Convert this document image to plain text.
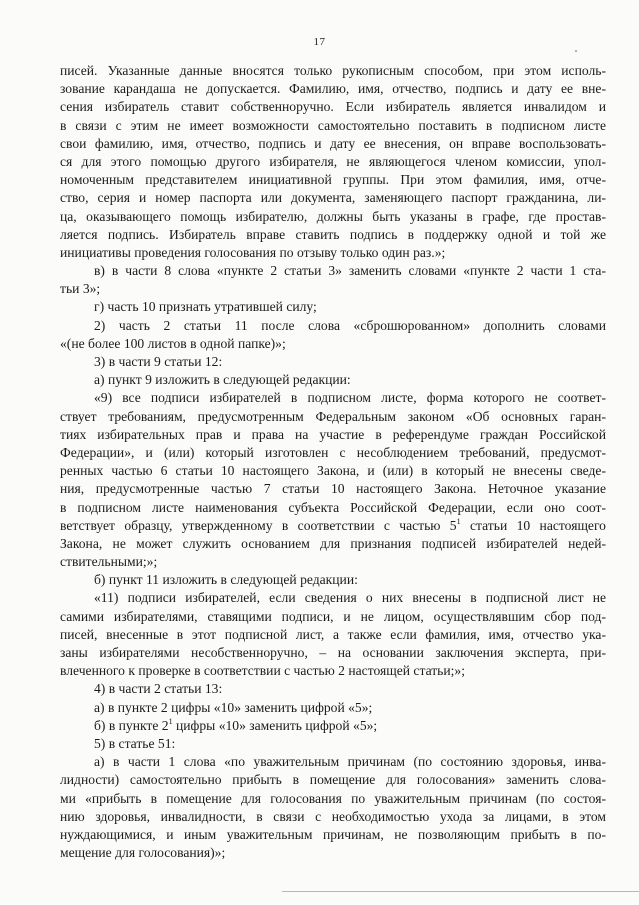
17
писей. Указанные данные вносятся только рукописным способом, при этом исполь-
зование карандаша не допускается. Фамилию, имя, отчество, подпись и дату ее вне-
сения избиратель ставит собственноручно. Если избиратель является инвалидом и
в связи с этим не имеет возможности самостоятельно поставить в подписном листе
свои фамилию, имя, отчество, подпись и дату ее внесения, он вправе воспользовать-
ся для этого помощью другого избирателя, не являющегося членом комиссии, упол-
номоченным представителем инициативной группы. При этом фамилия, имя, отче-
ство, серия и номер паспорта или документа, заменяющего паспорт гражданина, ли-
ца, оказывающего помощь избирателю, должны быть указаны в графе, где простав-
ляется подпись. Избиратель вправе ставить подпись в поддержку одной и той же
инициативы проведения голосования по отзыву только один раз.»;
в) в части 8 слова «пункте 2 статьи 3» заменить словами «пункте 2 части 1 ста-
тьи 3»;
г) часть 10 признать утратившей силу;
2) часть 2 статьи 11 после слова «сброшюрованном» дополнить словами
«(не более 100 листов в одной папке)»;
3) в части 9 статьи 12:
а) пункт 9 изложить в следующей редакции:
«9) все подписи избирателей в подписном листе, форма которого не соответ-
ствует требованиям, предусмотренным Федеральным законом «Об основных гаран-
тиях избирательных прав и права на участие в референдуме граждан Российской
Федерации», и (или) который изготовлен с несоблюдением требований, предусмот-
ренных частью 6 статьи 10 настоящего Закона, и (или) в который не внесены сведе-
ния, предусмотренные частью 7 статьи 10 настоящего Закона. Неточное указание
в подписном листе наименования субъекта Российской Федерации, если оно соот-
ветствует образцу, утвержденному в соответствии с частью $5^1$ статьи 10 настоящего
Закона, не может служить основанием для признания подписей избирателей недей-
ствительными;»;
б) пункт 11 изложить в следующей редакции:
«11) подписи избирателей, если сведения о них внесены в подписной лист не
самими избирателями, ставящими подписи, и не лицом, осуществлявшим сбор под-
писей, внесенные в этот подписной лист, а также если фамилия, имя, отчество ука-
заны избирателями несобственноручно, – на основании заключения эксперта, при-
влеченного к проверке в соответствии с частью 2 настоящей статьи;»;
4) в части 2 статьи 13:
а) в пункте 2 цифры «10» заменить цифрой «5»;
б) в пункте $2^1$ цифры «10» заменить цифрой «5»;
5) в статье 51:
а) в части 1 слова «по уважительным причинам (по состоянию здоровья, инва-
лидности) самостоятельно прибыть в помещение для голосования» заменить слова-
ми «прибыть в помещение для голосования по уважительным причинам (по состоя-
нию здоровья, инвалидности, в связи с необходимостью ухода за лицами, в этом
нуждающимися, и иным уважительным причинам, не позволяющим прибыть в по-
мещение для голосования)»;
